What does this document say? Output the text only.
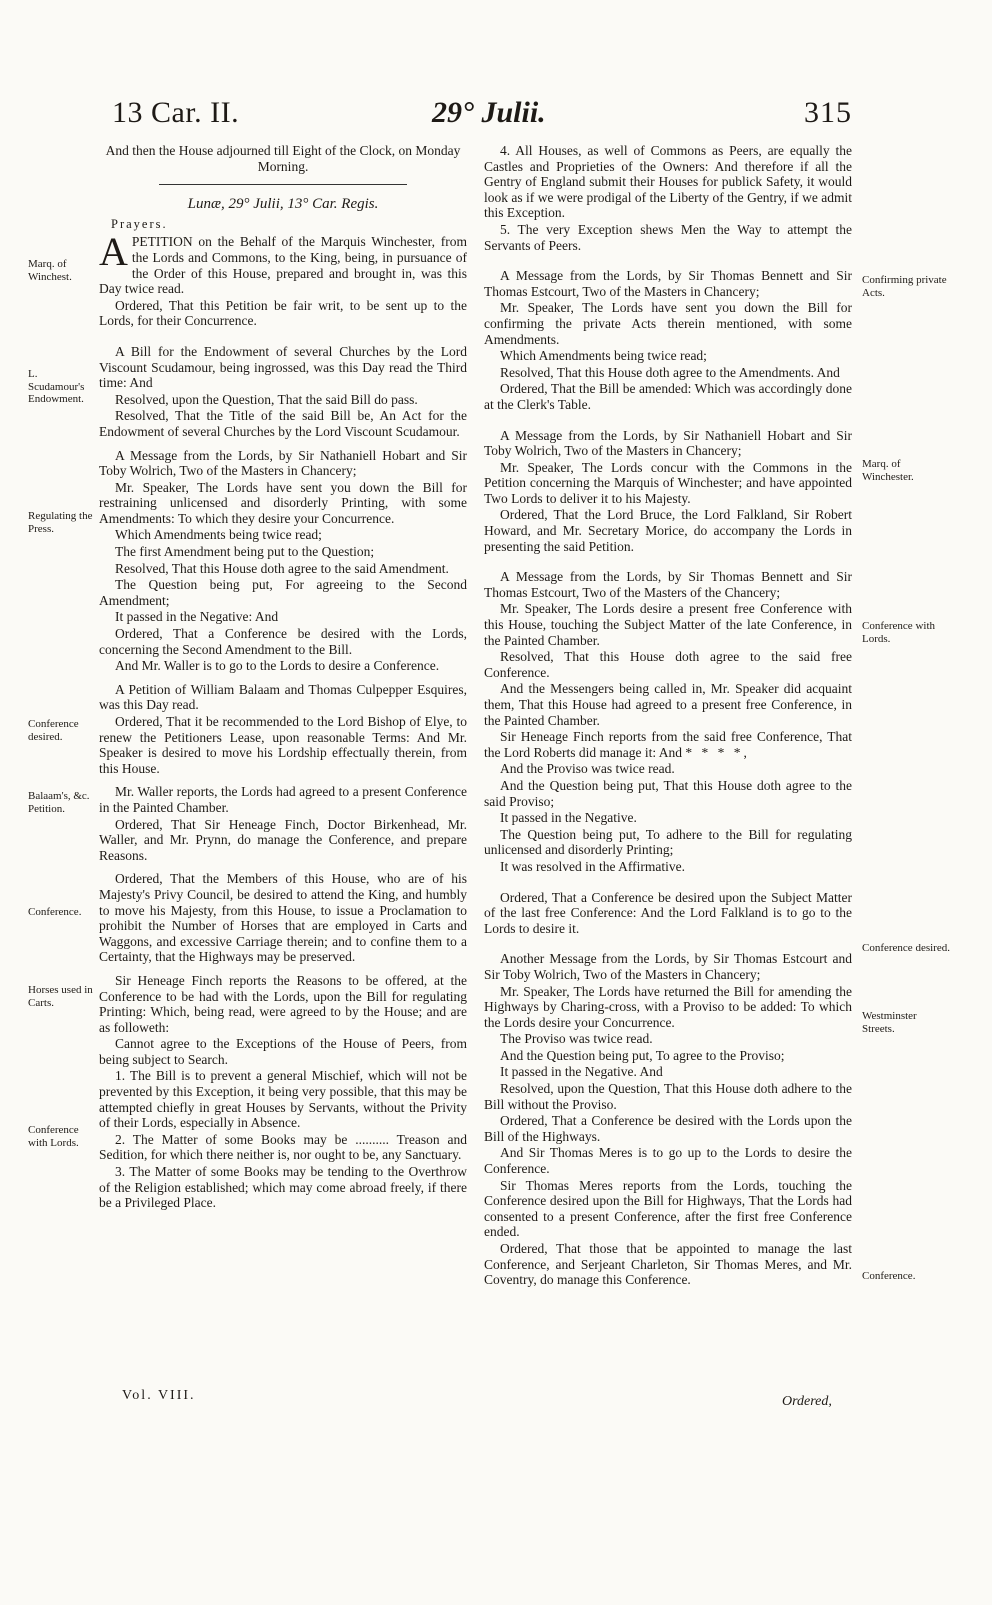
13 Car. II.	29° Julii.	315

And then the House adjourned till Eight of the Clock, on Monday Morning.

Lunæ, 29° Julii, 13° Car. Regis.

Prayers.

APETITION on the Behalf of the Marquis Winchester, from the Lords and Commons, to the King, being, in pursuance of the Order of this House, prepared and brought in, was this Day twice read.

Ordered, That this Petition be fair writ, to be sent up to the Lords, for their Concurrence.

A Bill for the Endowment of several Churches by the Lord Viscount Scudamour, being ingrossed, was this Day read the Third time: And

Resolved, upon the Question, That the said Bill do pass.

Resolved, That the Title of the said Bill be, An Act for the Endowment of several Churches by the Lord Viscount Scudamour.

A Message from the Lords, by Sir Nathaniell Hobart and Sir Toby Wolrich, Two of the Masters in Chancery;

Mr. Speaker, The Lords have sent you down the Bill for restraining unlicensed and disorderly Printing, with some Amendments: To which they desire your Concurrence.

Which Amendments being twice read;

The first Amendment being put to the Question;

Resolved, That this House doth agree to the said Amendment.

The Question being put, For agreeing to the Second Amendment;

It passed in the Negative: And

Ordered, That a Conference be desired with the Lords, concerning the Second Amendment to the Bill.

And Mr. Waller is to go to the Lords to desire a Conference.

A Petition of William Balaam and Thomas Culpepper Esquires, was this Day read.

Ordered, That it be recommended to the Lord Bishop of Elye, to renew the Petitioners Lease, upon reasonable Terms: And Mr. Speaker is desired to move his Lordship effectually therein, from this House.

Mr. Waller reports, the Lords had agreed to a present Conference in the Painted Chamber.

Ordered, That Sir Heneage Finch, Doctor Birkenhead, Mr. Waller, and Mr. Prynn, do manage the Conference, and prepare Reasons.

Ordered, That the Members of this House, who are of his Majesty's Privy Council, be desired to attend the King, and humbly to move his Majesty, from this House, to issue a Proclamation to prohibit the Number of Horses that are employed in Carts and Waggons, and excessive Carriage therein; and to confine them to a Certainty, that the Highways may be preserved.

Sir Heneage Finch reports the Reasons to be offered, at the Conference to be had with the Lords, upon the Bill for regulating Printing: Which, being read, were agreed to by the House; and are as followeth:

Cannot agree to the Exceptions of the House of Peers, from being subject to Search.

1. The Bill is to prevent a general Mischief, which will not be prevented by this Exception, it being very possible, that this may be attempted chiefly in great Houses by Servants, without the Privity of their Lords, especially in Absence.

2. The Matter of some Books may be .......... Treason and Sedition, for which there neither is, nor ought to be, any Sanctuary.

3. The Matter of some Books may be tending to the Overthrow of the Religion established; which may come abroad freely, if there be a Privileged Place.

4. All Houses, as well of Commons as Peers, are equally the Castles and Proprieties of the Owners: And therefore if all the Gentry of England submit their Houses for publick Safety, it would look as if we were prodigal of the Liberty of the Gentry, if we admit this Exception.

5. The very Exception shews Men the Way to attempt the Servants of Peers.

A Message from the Lords, by Sir Thomas Bennett and Sir Thomas Estcourt, Two of the Masters in Chancery;

Mr. Speaker, The Lords have sent you down the Bill for confirming the private Acts therein mentioned, with some Amendments.

Which Amendments being twice read;

Resolved, That this House doth agree to the Amendments. And

Ordered, That the Bill be amended: Which was accordingly done at the Clerk's Table.

A Message from the Lords, by Sir Nathaniell Hobart and Sir Toby Wolrich, Two of the Masters in Chancery;

Mr. Speaker, The Lords concur with the Commons in the Petition concerning the Marquis of Winchester; and have appointed Two Lords to deliver it to his Majesty.

Ordered, That the Lord Bruce, the Lord Falkland, Sir Robert Howard, and Mr. Secretary Morice, do accompany the Lords in presenting the said Petition.

A Message from the Lords, by Sir Thomas Bennett and Sir Thomas Estcourt, Two of the Masters of the Chancery;

Mr. Speaker, The Lords desire a present free Conference with this House, touching the Subject Matter of the late Conference, in the Painted Chamber.

Resolved, That this House doth agree to the said free Conference.

And the Messengers being called in, Mr. Speaker did acquaint them, That this House had agreed to a present free Conference, in the Painted Chamber.

Sir Heneage Finch reports from the said free Conference, That the Lord Roberts did manage it: And * * * *,

And the Proviso was twice read.

And the Question being put, That this House doth agree to the said Proviso;

It passed in the Negative.

The Question being put, To adhere to the Bill for regulating unlicensed and disorderly Printing;

It was resolved in the Affirmative.

Ordered, That a Conference be desired upon the Subject Matter of the last free Conference: And the Lord Falkland is to go to the Lords to desire it.

Another Message from the Lords, by Sir Thomas Estcourt and Sir Toby Wolrich, Two of the Masters in Chancery;

Mr. Speaker, The Lords have returned the Bill for amending the Highways by Charing-cross, with a Proviso to be added: To which the Lords desire your Concurrence.

The Proviso was twice read.

And the Question being put, To agree to the Proviso;

It passed in the Negative. And

Resolved, upon the Question, That this House doth adhere to the Bill without the Proviso.

Ordered, That a Conference be desired with the Lords upon the Bill of the Highways.

And Sir Thomas Meres is to go up to the Lords to desire the Conference.

Sir Thomas Meres reports from the Lords, touching the Conference desired upon the Bill for Highways, That the Lords had consented to a present Conference, after the first free Conference ended.

Ordered, That those that be appointed to manage the last Conference, and Serjeant Charleton, Sir Thomas Meres, and Mr. Coventry, do manage this Conference.

Marq. of Winchest.
L. Scudamour's Endowment.
Regulating the Press.
Conference desired.
Balaam's, &c. Petition.
Conference.
Horses used in Carts.
Conference with Lords.
Confirming private Acts.
Marq. of Winchester.
Conference with Lords.
Conference desired.
Westminster Streets.
Conference.
Vol. VIII.	Ordered,
